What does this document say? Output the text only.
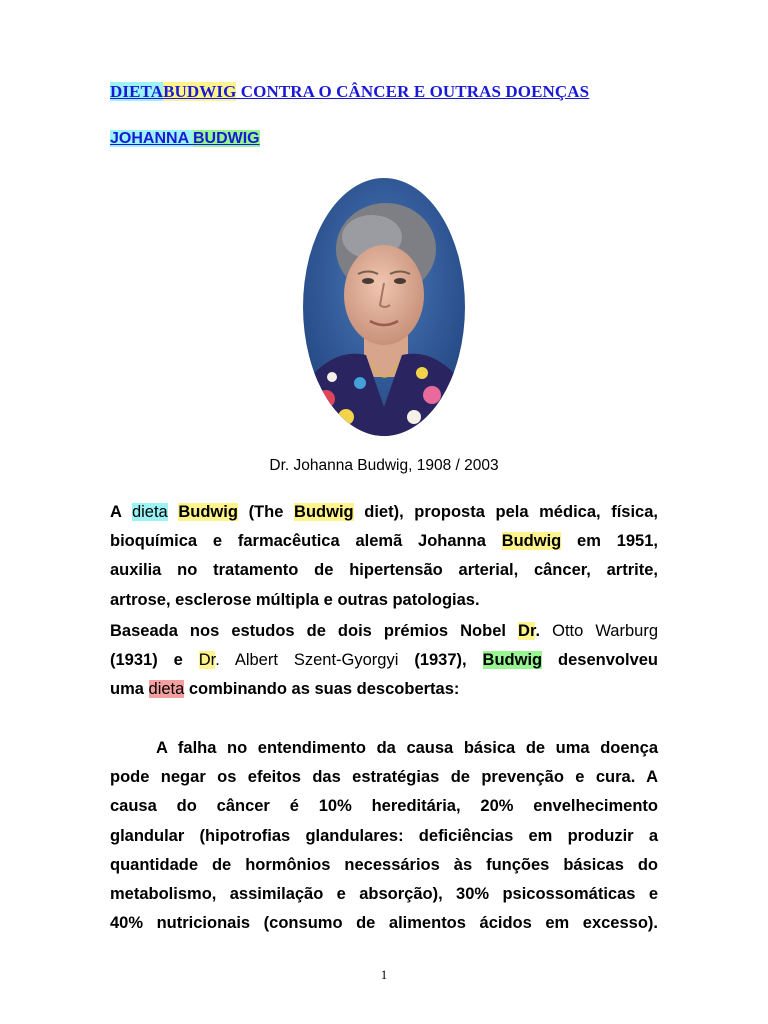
DIETABUDWIG CONTRA O CÂNCER E OUTRAS DOENÇAS
JOHANNA BUDWIG
Dr. Johanna Budwig, 1908 / 2003
A dieta Budwig (The Budwig diet), proposta pela médica, física,
bioquímica e farmacêutica alemã Johanna Budwig em 1951,
auxilia no tratamento de hipertensão arterial, câncer, artrite,
artrose, esclerose múltipla e outras patologias.
Baseada nos estudos de dois prémios Nobel Dr. Otto Warburg
(1931) e Dr. Albert Szent-Gyorgyi (1937), Budwig desenvolveu
uma dieta combinando as suas descobertas:
A falha no entendimento da causa básica de uma doença
pode negar os efeitos das estratégias de prevenção e cura. A
causa do câncer é 10% hereditária, 20% envelhecimento
glandular (hipotrofias glandulares: deficiências em produzir a
quantidade de hormônios necessários às funções básicas do
metabolismo, assimilação e absorção), 30% psicossomáticas e
40% nutricionais (consumo de alimentos ácidos em excesso).
1
